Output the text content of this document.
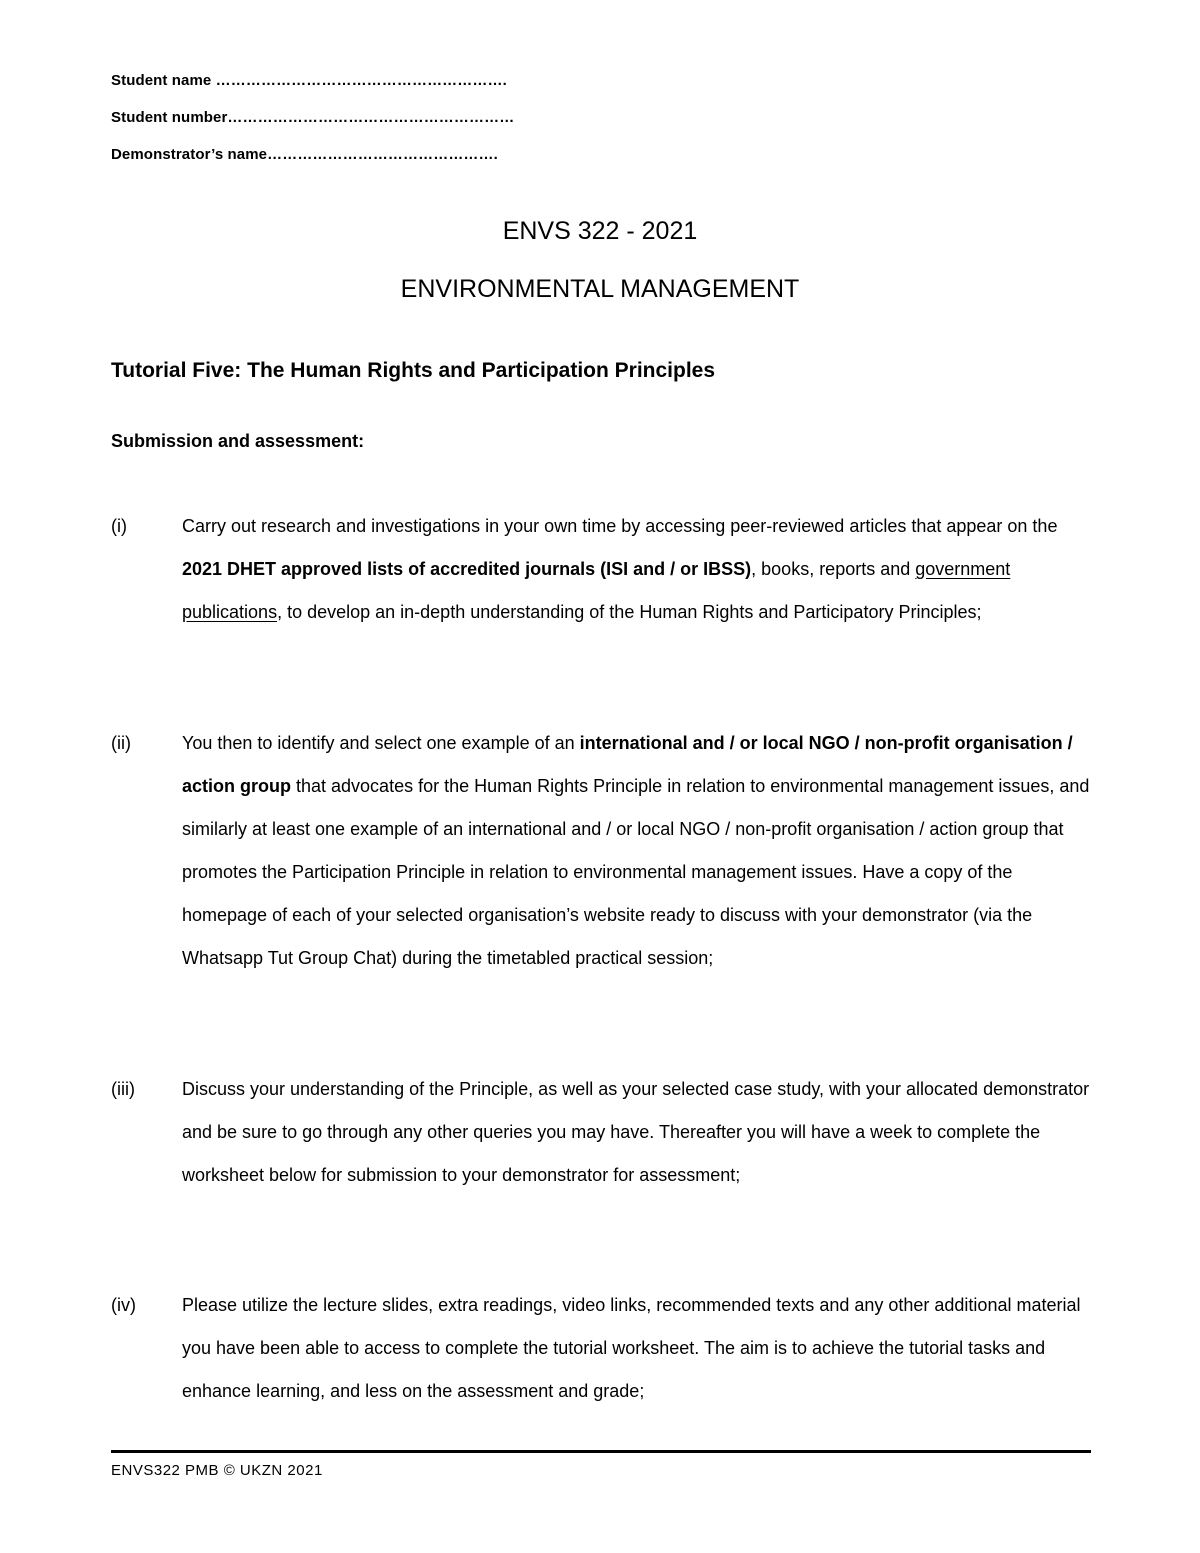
Student name ………………………………………………….
Student number…………………………………………………
Demonstrator’s name……………………………………….
ENVS 322 - 2021
ENVIRONMENTAL MANAGEMENT
Tutorial Five: The Human Rights and Participation Principles
Submission and assessment:
(i)	Carry out research and investigations in your own time by accessing peer-reviewed articles that appear on the 2021 DHET approved lists of accredited journals (ISI and / or IBSS), books, reports and government publications, to develop an in-depth understanding of the Human Rights and Participatory Principles;
(ii)	You then to identify and select one example of an international and / or local NGO / non-profit organisation / action group that advocates for the Human Rights Principle in relation to environmental management issues, and similarly at least one example of an international and / or local NGO / non-profit organisation / action group that promotes the Participation Principle in relation to environmental management issues. Have a copy of the homepage of each of your selected organisation’s website ready to discuss with your demonstrator (via the Whatsapp Tut Group Chat) during the timetabled practical session;
(iii)	Discuss your understanding of the Principle, as well as your selected case study, with your allocated demonstrator and be sure to go through any other queries you may have. Thereafter you will have a week to complete the worksheet below for submission to your demonstrator for assessment;
(iv)	Please utilize the lecture slides, extra readings, video links, recommended texts and any other additional material you have been able to access to complete the tutorial worksheet. The aim is to achieve the tutorial tasks and enhance learning, and less on the assessment and grade;
ENVS322 PMB © UKZN 2021
